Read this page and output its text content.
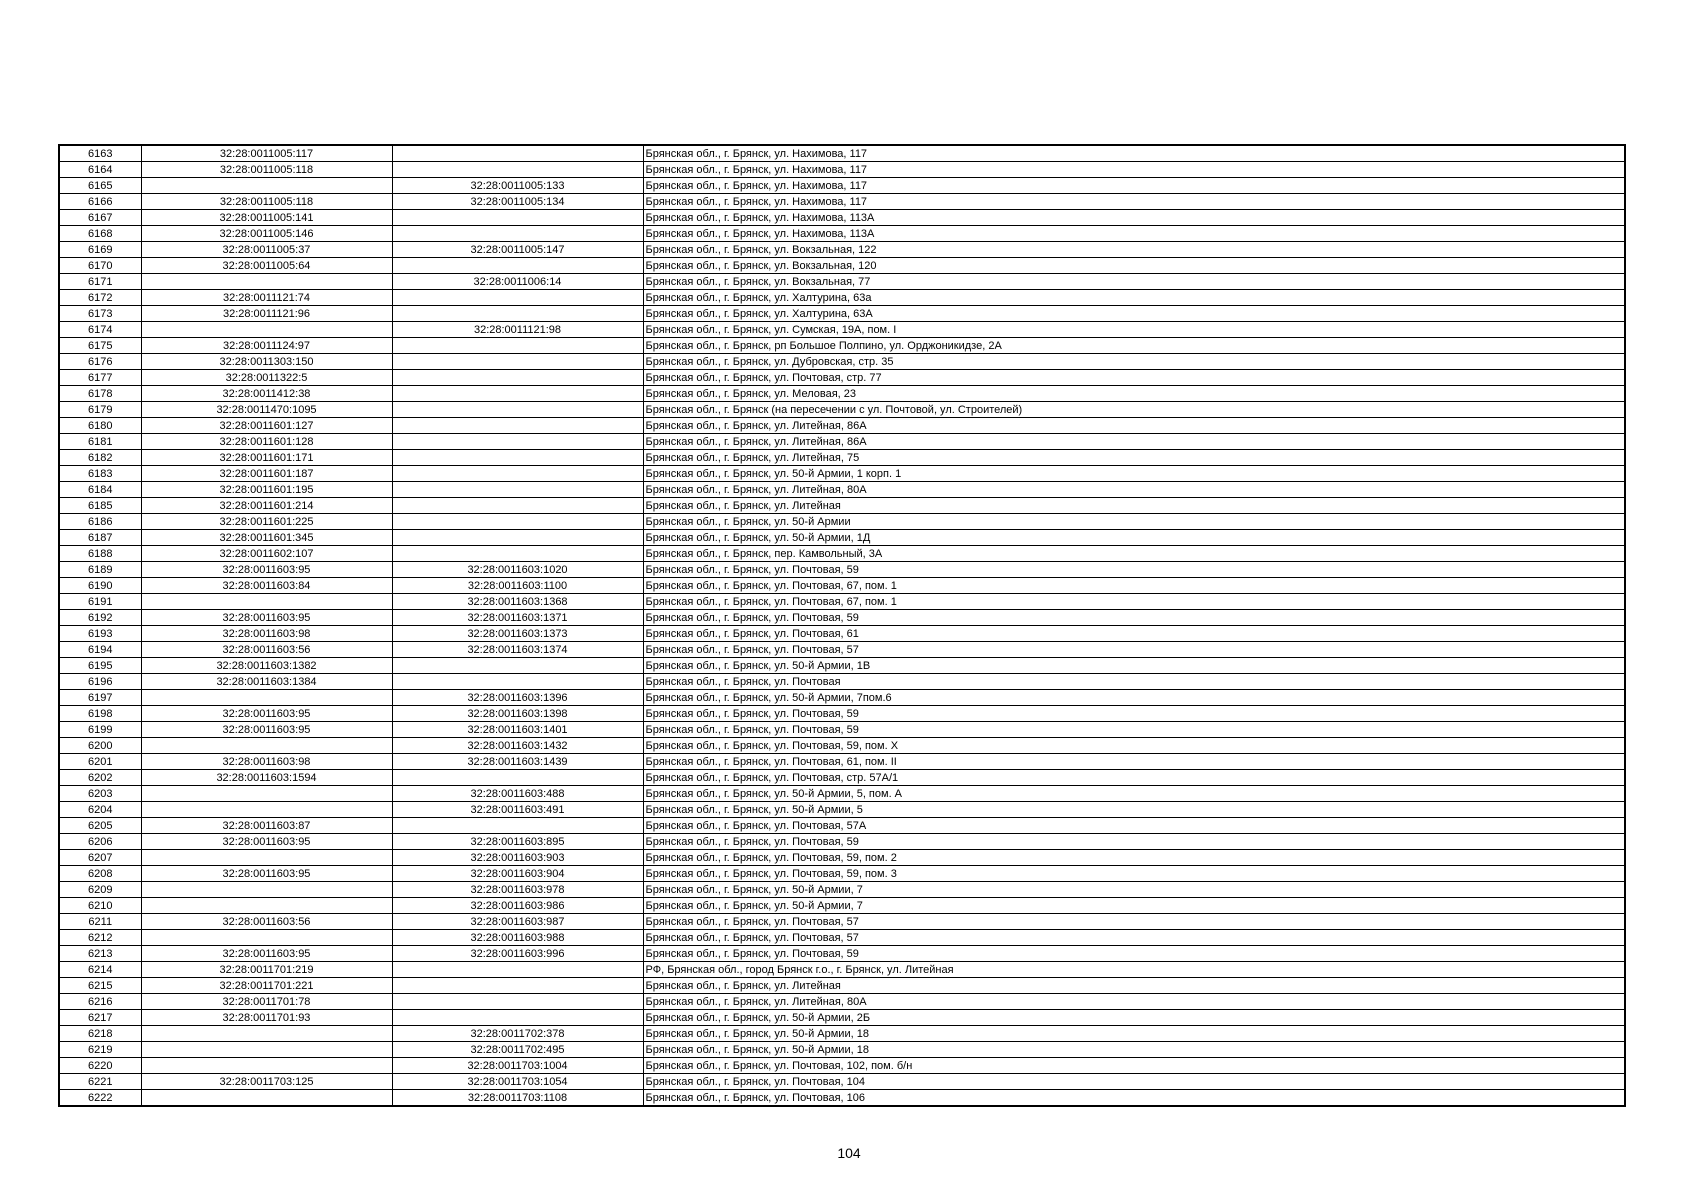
6163	32:28:0011005:117		Брянская обл., г. Брянск, ул. Нахимова, 117
6164	32:28:0011005:118		Брянская обл., г. Брянск, ул. Нахимова, 117
6165		32:28:0011005:133	Брянская обл., г. Брянск, ул. Нахимова, 117
6166	32:28:0011005:118	32:28:0011005:134	Брянская обл., г. Брянск, ул. Нахимова, 117
6167	32:28:0011005:141		Брянская обл., г. Брянск, ул. Нахимова, 113А
6168	32:28:0011005:146		Брянская обл., г. Брянск, ул. Нахимова, 113А
6169	32:28:0011005:37	32:28:0011005:147	Брянская обл., г. Брянск, ул. Вокзальная, 122
6170	32:28:0011005:64		Брянская обл., г. Брянск, ул. Вокзальная, 120
6171		32:28:0011006:14	Брянская обл., г. Брянск, ул. Вокзальная, 77
6172	32:28:0011121:74		Брянская обл., г. Брянск, ул. Халтурина, 63а
6173	32:28:0011121:96		Брянская обл., г. Брянск, ул. Халтурина, 63А
6174		32:28:0011121:98	Брянская обл., г. Брянск, ул. Сумская, 19А, пом. I
6175	32:28:0011124:97		Брянская обл., г. Брянск, рп Большое Полпино, ул. Орджоникидзе, 2А
6176	32:28:0011303:150		Брянская обл., г. Брянск, ул. Дубровская, стр. 35
6177	32:28:0011322:5		Брянская обл., г. Брянск, ул. Почтовая, стр. 77
6178	32:28:0011412:38		Брянская обл., г. Брянск, ул. Меловая, 23
6179	32:28:0011470:1095		Брянская обл., г. Брянск (на пересечении с ул. Почтовой, ул. Строителей)
6180	32:28:0011601:127		Брянская обл., г. Брянск, ул. Литейная, 86А
6181	32:28:0011601:128		Брянская обл., г. Брянск, ул. Литейная, 86А
6182	32:28:0011601:171		Брянская обл., г. Брянск, ул. Литейная, 75
6183	32:28:0011601:187		Брянская обл., г. Брянск, ул. 50-й Армии, 1 корп. 1
6184	32:28:0011601:195		Брянская обл., г. Брянск, ул. Литейная, 80А
6185	32:28:0011601:214		Брянская обл., г. Брянск, ул. Литейная
6186	32:28:0011601:225		Брянская обл., г. Брянск, ул. 50-й Армии
6187	32:28:0011601:345		Брянская обл., г. Брянск, ул. 50-й Армии, 1Д
6188	32:28:0011602:107		Брянская обл., г. Брянск, пер. Камвольный, 3А
6189	32:28:0011603:95	32:28:0011603:1020	Брянская обл., г. Брянск, ул. Почтовая, 59
6190	32:28:0011603:84	32:28:0011603:1100	Брянская обл., г. Брянск, ул. Почтовая, 67, пом. 1
6191		32:28:0011603:1368	Брянская обл., г. Брянск, ул. Почтовая, 67, пом. 1
6192	32:28:0011603:95	32:28:0011603:1371	Брянская обл., г. Брянск, ул. Почтовая, 59
6193	32:28:0011603:98	32:28:0011603:1373	Брянская обл., г. Брянск, ул. Почтовая, 61
6194	32:28:0011603:56	32:28:0011603:1374	Брянская обл., г. Брянск, ул. Почтовая, 57
6195	32:28:0011603:1382		Брянская обл., г. Брянск, ул. 50-й Армии, 1В
6196	32:28:0011603:1384		Брянская обл., г. Брянск, ул. Почтовая
6197		32:28:0011603:1396	Брянская обл., г. Брянск, ул. 50-й Армии, 7пом.6
6198	32:28:0011603:95	32:28:0011603:1398	Брянская обл., г. Брянск, ул. Почтовая, 59
6199	32:28:0011603:95	32:28:0011603:1401	Брянская обл., г. Брянск, ул. Почтовая, 59
6200		32:28:0011603:1432	Брянская обл., г. Брянск, ул. Почтовая, 59, пом. X
6201	32:28:0011603:98	32:28:0011603:1439	Брянская обл., г. Брянск, ул. Почтовая, 61, пом. II
6202	32:28:0011603:1594		Брянская обл., г. Брянск, ул. Почтовая, стр. 57А/1
6203		32:28:0011603:488	Брянская обл., г. Брянск, ул. 50-й Армии, 5, пом. А
6204		32:28:0011603:491	Брянская обл., г. Брянск, ул. 50-й Армии, 5
6205	32:28:0011603:87		Брянская обл., г. Брянск, ул. Почтовая, 57А
6206	32:28:0011603:95	32:28:0011603:895	Брянская обл., г. Брянск, ул. Почтовая, 59
6207		32:28:0011603:903	Брянская обл., г. Брянск, ул. Почтовая, 59, пом. 2
6208	32:28:0011603:95	32:28:0011603:904	Брянская обл., г. Брянск, ул. Почтовая, 59, пом. 3
6209		32:28:0011603:978	Брянская обл., г. Брянск, ул. 50-й Армии, 7
6210		32:28:0011603:986	Брянская обл., г. Брянск, ул. 50-й Армии, 7
6211	32:28:0011603:56	32:28:0011603:987	Брянская обл., г. Брянск, ул. Почтовая, 57
6212		32:28:0011603:988	Брянская обл., г. Брянск, ул. Почтовая, 57
6213	32:28:0011603:95	32:28:0011603:996	Брянская обл., г. Брянск, ул. Почтовая, 59
6214	32:28:0011701:219		РФ, Брянская обл., город Брянск г.о., г. Брянск, ул. Литейная
6215	32:28:0011701:221		Брянская обл., г. Брянск, ул. Литейная
6216	32:28:0011701:78		Брянская обл., г. Брянск, ул. Литейная, 80А
6217	32:28:0011701:93		Брянская обл., г. Брянск, ул. 50-й Армии, 2Б
6218		32:28:0011702:378	Брянская обл., г. Брянск, ул. 50-й Армии, 18
6219		32:28:0011702:495	Брянская обл., г. Брянск, ул. 50-й Армии, 18
6220		32:28:0011703:1004	Брянская обл., г. Брянск, ул. Почтовая, 102, пом. б/н
6221	32:28:0011703:125	32:28:0011703:1054	Брянская обл., г. Брянск, ул. Почтовая, 104
6222		32:28:0011703:1108	Брянская обл., г. Брянск, ул. Почтовая, 106
104
